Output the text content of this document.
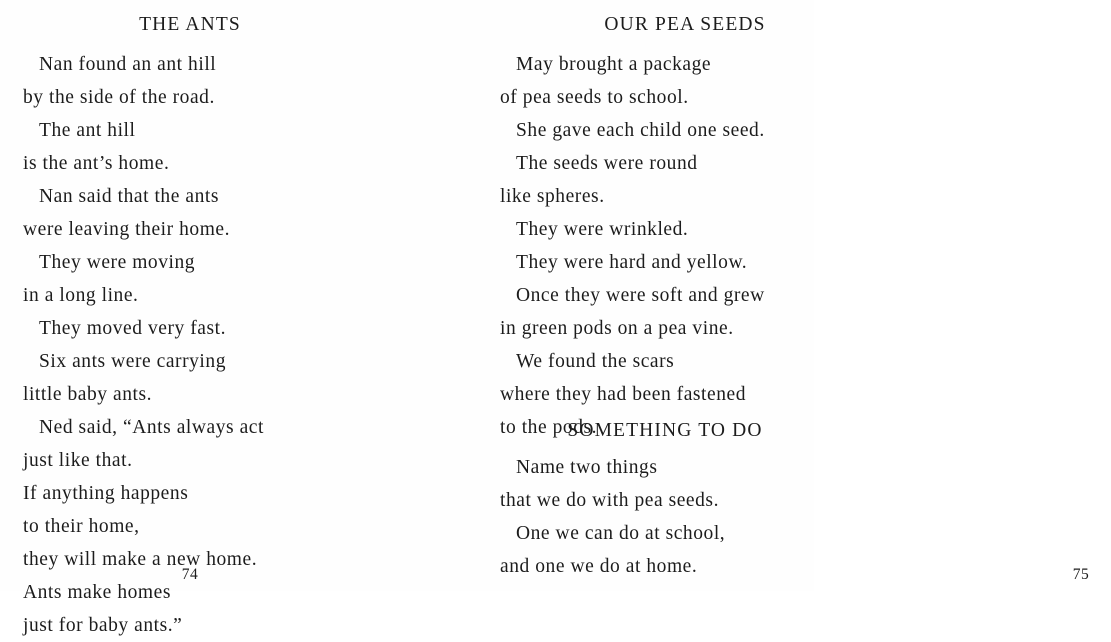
THE ANTS
Nan found an ant hill
by the side of the road.
The ant hill
is the ant’s home.
Nan said that the ants
were leaving their home.
They were moving
in a long line.
They moved very fast.
Six ants were carrying
little baby ants.
Ned said, “Ants always act
just like that.
If anything happens
to their home,
they will make a new home.
Ants make homes
just for baby ants.”
74
OUR PEA SEEDS
May brought a package
of pea seeds to school.
She gave each child one seed.
The seeds were round
like spheres.
They were wrinkled.
They were hard and yellow.
Once they were soft and grew
in green pods on a pea vine.
We found the scars
where they had been fastened
to the pods.
SOMETHING TO DO
Name two things
that we do with pea seeds.
One we can do at school,
and one we do at home.	75
